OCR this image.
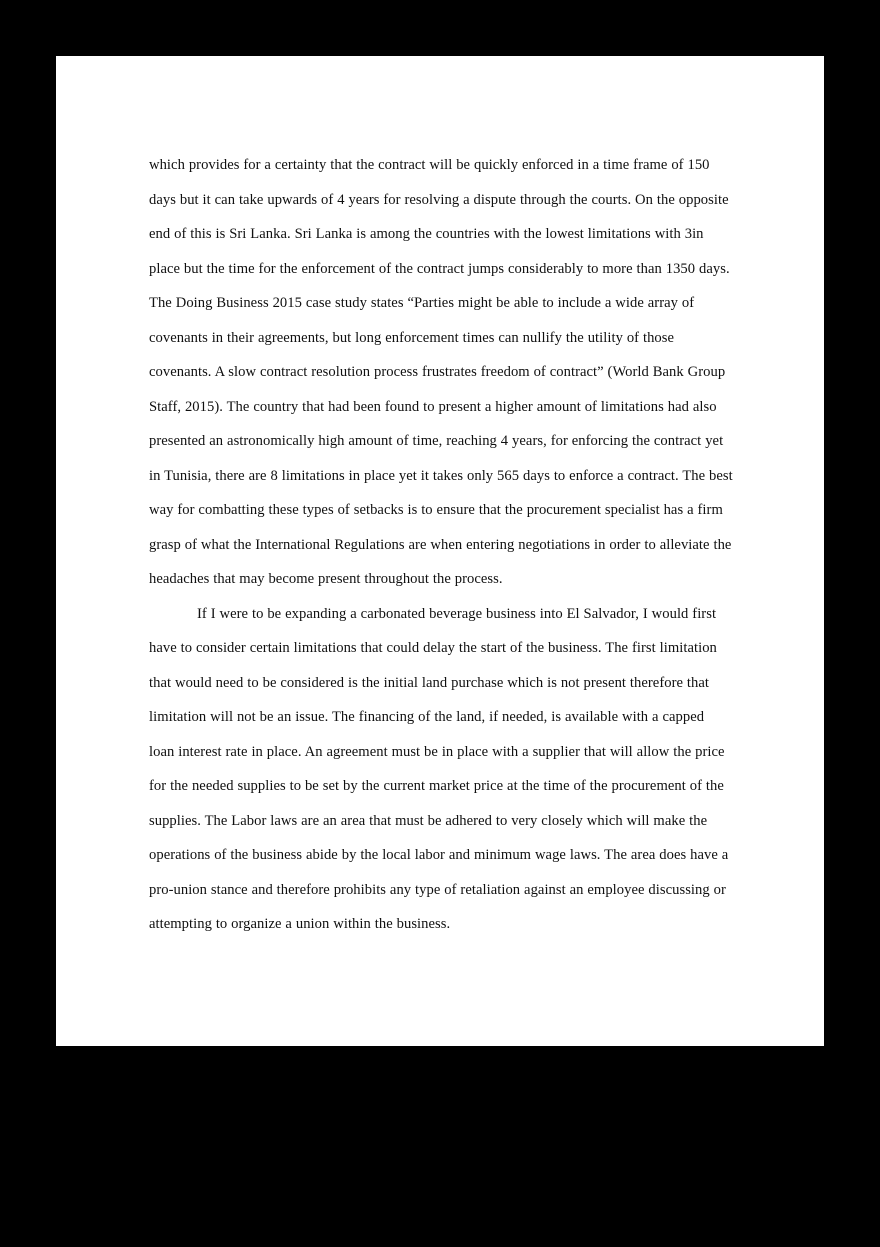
which provides for a certainty that the contract will be quickly enforced in a time frame of 150 days but it can take upwards of 4 years for resolving a dispute through the courts. On the opposite end of this is Sri Lanka. Sri Lanka is among the countries with the lowest limitations with 3in place but the time for the enforcement of the contract jumps considerably to more than 1350 days. The Doing Business 2015 case study states “Parties might be able to include a wide array of covenants in their agreements, but long enforcement times can nullify the utility of those covenants. A slow contract resolution process frustrates freedom of contract” (World Bank Group Staff, 2015). The country that had been found to present a higher amount of limitations had also presented an astronomically high amount of time, reaching 4 years, for enforcing the contract yet in Tunisia, there are 8 limitations in place yet it takes only 565 days to enforce a contract. The best way for combatting these types of setbacks is to ensure that the procurement specialist has a firm grasp of what the International Regulations are when entering negotiations in order to alleviate the headaches that may become present throughout the process.

If I were to be expanding a carbonated beverage business into El Salvador, I would first have to consider certain limitations that could delay the start of the business. The first limitation that would need to be considered is the initial land purchase which is not present therefore that limitation will not be an issue. The financing of the land, if needed, is available with a capped loan interest rate in place. An agreement must be in place with a supplier that will allow the price for the needed supplies to be set by the current market price at the time of the procurement of the supplies. The Labor laws are an area that must be adhered to very closely which will make the operations of the business abide by the local labor and minimum wage laws. The area does have a pro-union stance and therefore prohibits any type of retaliation against an employee discussing or attempting to organize a union within the business.
